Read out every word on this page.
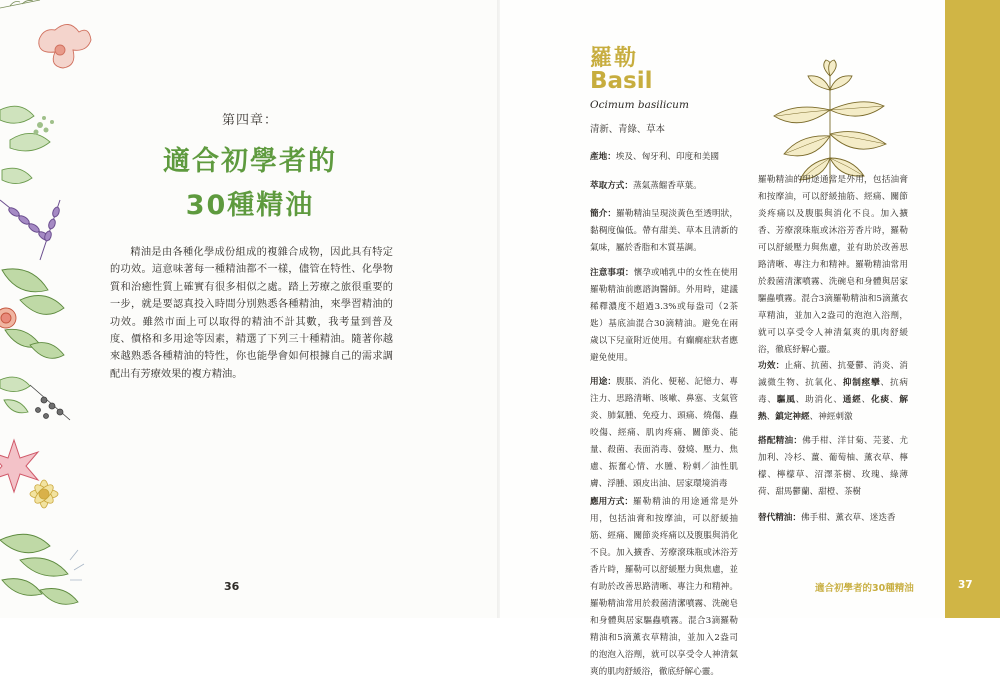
第四章：
適合初學者的
30種精油
精油是由各種化學成份組成的複雜合成物，因此具有特定的功效。這意味著每一種精油都不一樣，儘管在特性、化學物質和治癒性質上確實有很多相似之處。踏上芳療之旅很重要的一步，就是要認真投入時間分別熟悉各種精油，來學習精油的功效。雖然市面上可以取得的精油不計其數，我考量到普及度、價格和多用途等因素，精選了下列三十種精油。隨著你越來越熟悉各種精油的特性，你也能學會如何根據自己的需求調配出有芳療效果的複方精油。
36
羅勒
Basil
Ocimum basilicum
清新、青綠、草本
產地：埃及、匈牙利、印度和美國
萃取方式：蒸氣蒸餾香草葉。
簡介：羅勒精油呈現淡黃色至透明狀，黏稠度偏低。帶有甜美、草本且清新的氣味，屬於香脂和木質基調。
注意事項：懷孕或哺乳中的女性在使用羅勒精油前應諮詢醫師。外用時，建議稀釋濃度不超過3.3%或每盎司（2茶匙）基底油混合30滴精油。避免在兩歲以下兒童附近使用。有癲癇症狀者應避免使用。
用途：腹脹、消化、便秘、記憶力、專注力、思路清晰、咳嗽、鼻塞、支氣管炎、肺氣腫、免疫力、頭痛、燒傷、蟲咬傷、經痛、肌肉疼痛、關節炎、能量、殺菌、表面消毒、發燒、壓力、焦慮、振奮心情、水腫、粉刺／油性肌膚、浮腫、頭皮出油、居家環境消毒
應用方式： 羅勒精油的用途通常是外用，包括油膏和按摩油，可以舒緩抽筋、經痛、關節炎疼痛以及腹脹與消化不良。加入擴香、芳療滾珠瓶或沐浴芳香片時，羅勒可以舒緩壓力與焦慮，並有助於改善思路清晰、專注力和精神。羅勒精油常用於殺菌清潔噴霧、洗碗皂和身體與居家驅蟲噴霧。混合3滴羅勒精油和5滴薰衣草精油，並加入2盎司的泡泡入浴劑，就可以享受令人神清氣爽的肌肉舒緩浴，徹底紓解心靈。
功效：止痛、抗菌、抗憂鬱、消炎、消滅微生物、抗氧化、抑制痙攣、抗病毒、驅風、助消化、通經、化痰、解熱、鎮定神經、神經刺激
搭配精油：佛手柑、洋甘菊、芫荽、尤加利、冷杉、薑、葡萄柚、薰衣草、檸檬、檸檬草、沼澤茶樹、玫瑰、綠薄荷、甜馬鬱蘭、甜橙、茶樹
替代精油：佛手柑、薰衣草、迷迭香
羅勒精油的用途通常是外用，包括油膏和按摩油，可以舒緩抽筋、經痛、關節炎疼痛以及腹脹與消化不良。加入擴香、芳療滾珠瓶或沐浴芳香片時，羅勒可以舒緩壓力與焦慮，並有助於改善思路清晰、專注力和精神。羅勒精油常用於殺菌清潔噴霧、洗碗皂和身體與居家驅蟲噴霧。混合3滴羅勒精油和5滴薰衣草精油，並加入2盎司的泡泡入浴劑，就可以享受令人神清氣爽的肌肉舒緩浴，徹底紓解心靈。
適合初學者的30種精油	37
